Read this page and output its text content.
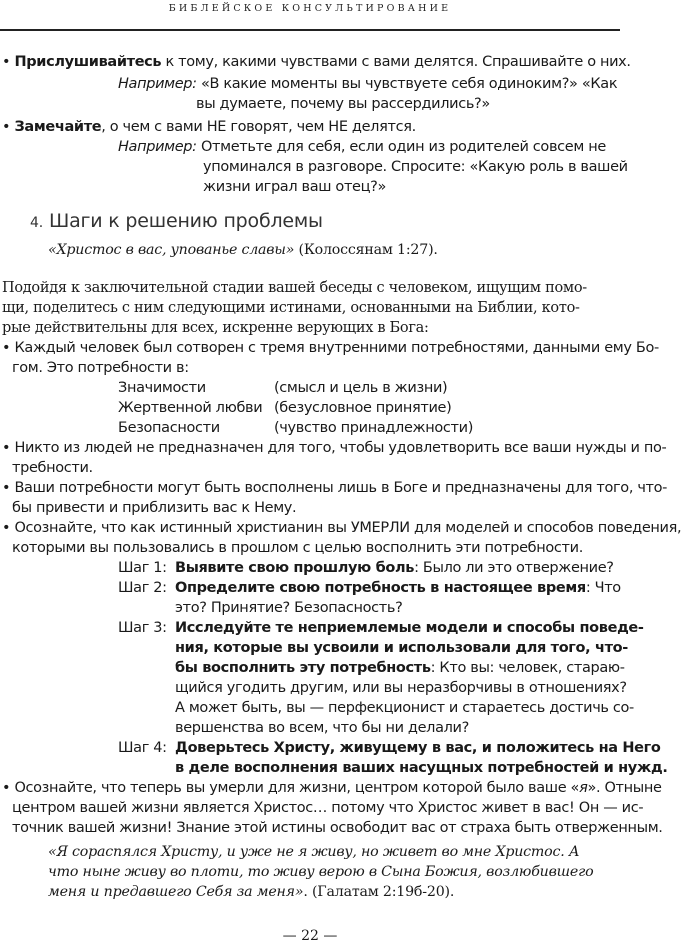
БИБЛЕЙСКОЕ КОНСУЛЬТИРОВАНИЕ
• Прислушивайтесь к тому, какими чувствами с вами делятся. Спрашивайте о них.
Например: «В какие моменты вы чувствуете себя одиноким?» «Как
вы думаете, почему вы рассердились?»
• Замечайте, о чем с вами НЕ говорят, чем НЕ делятся.
Например: Отметьте для себя, если один из родителей совсем не
упоминался в разговоре. Спросите: «Какую роль в вашей
жизни играл ваш отец?»
4. Шаги к решению проблемы
«Христос в вас, упованье славы» (Колоссянам 1:27).
Подойдя к заключительной стадии вашей беседы с человеком, ищущим помо-
щи, поделитесь с ним следующими истинами, основанными на Библии, кото-
рые действительны для всех, искренне верующих в Бога:
• Каждый человек был сотворен с тремя внутренними потребностями, данными ему Бо-
гом. Это потребности в:
Значимости	(смысл и цель в жизни)
Жертвенной любви (безусловное принятие)
Безопасности	(чувство принадлежности)
• Никто из людей не предназначен для того, чтобы удовлетворить все ваши нужды и по-
требности.
• Ваши потребности могут быть восполнены лишь в Боге и предназначены для того, что-
бы привести и приблизить вас к Нему.
• Осознайте, что как истинный христианин вы УМЕРЛИ для моделей и способов поведения,
которыми вы пользовались в прошлом с целью восполнить эти потребности.
Шаг 1: Выявите свою прошлую боль: Было ли это отвержение?
Шаг 2: Определите свою потребность в настоящее время: Что
это? Принятие? Безопасность?
Шаг 3: Исследуйте те неприемлемые модели и способы поведе-
ния, которые вы усвоили и использовали для того, что-
бы восполнить эту потребность: Кто вы: человек, стараю-
щийся угодить другим, или вы неразборчивы в отношениях?
А может быть, вы — перфекционист и стараетесь достичь со-
вершенства во всем, что бы ни делали?
Шаг 4: Доверьтесь Христу, живущему в вас, и положитесь на Него
в деле восполнения ваших насущных потребностей и нужд.
• Осознайте, что теперь вы умерли для жизни, центром которой было ваше «я». Отныне
центром вашей жизни является Христос… потому что Христос живет в вас! Он — ис-
точник вашей жизни! Знание этой истины освободит вас от страха быть отверженным.
«Я сораспялся Христу, и уже не я живу, но живет во мне Христос. А
что ныне живу во плоти, то живу верою в Сына Божия, возлюбившего
меня и предавшего Себя за меня». (Галатам 2:19б-20).
— 22 —
